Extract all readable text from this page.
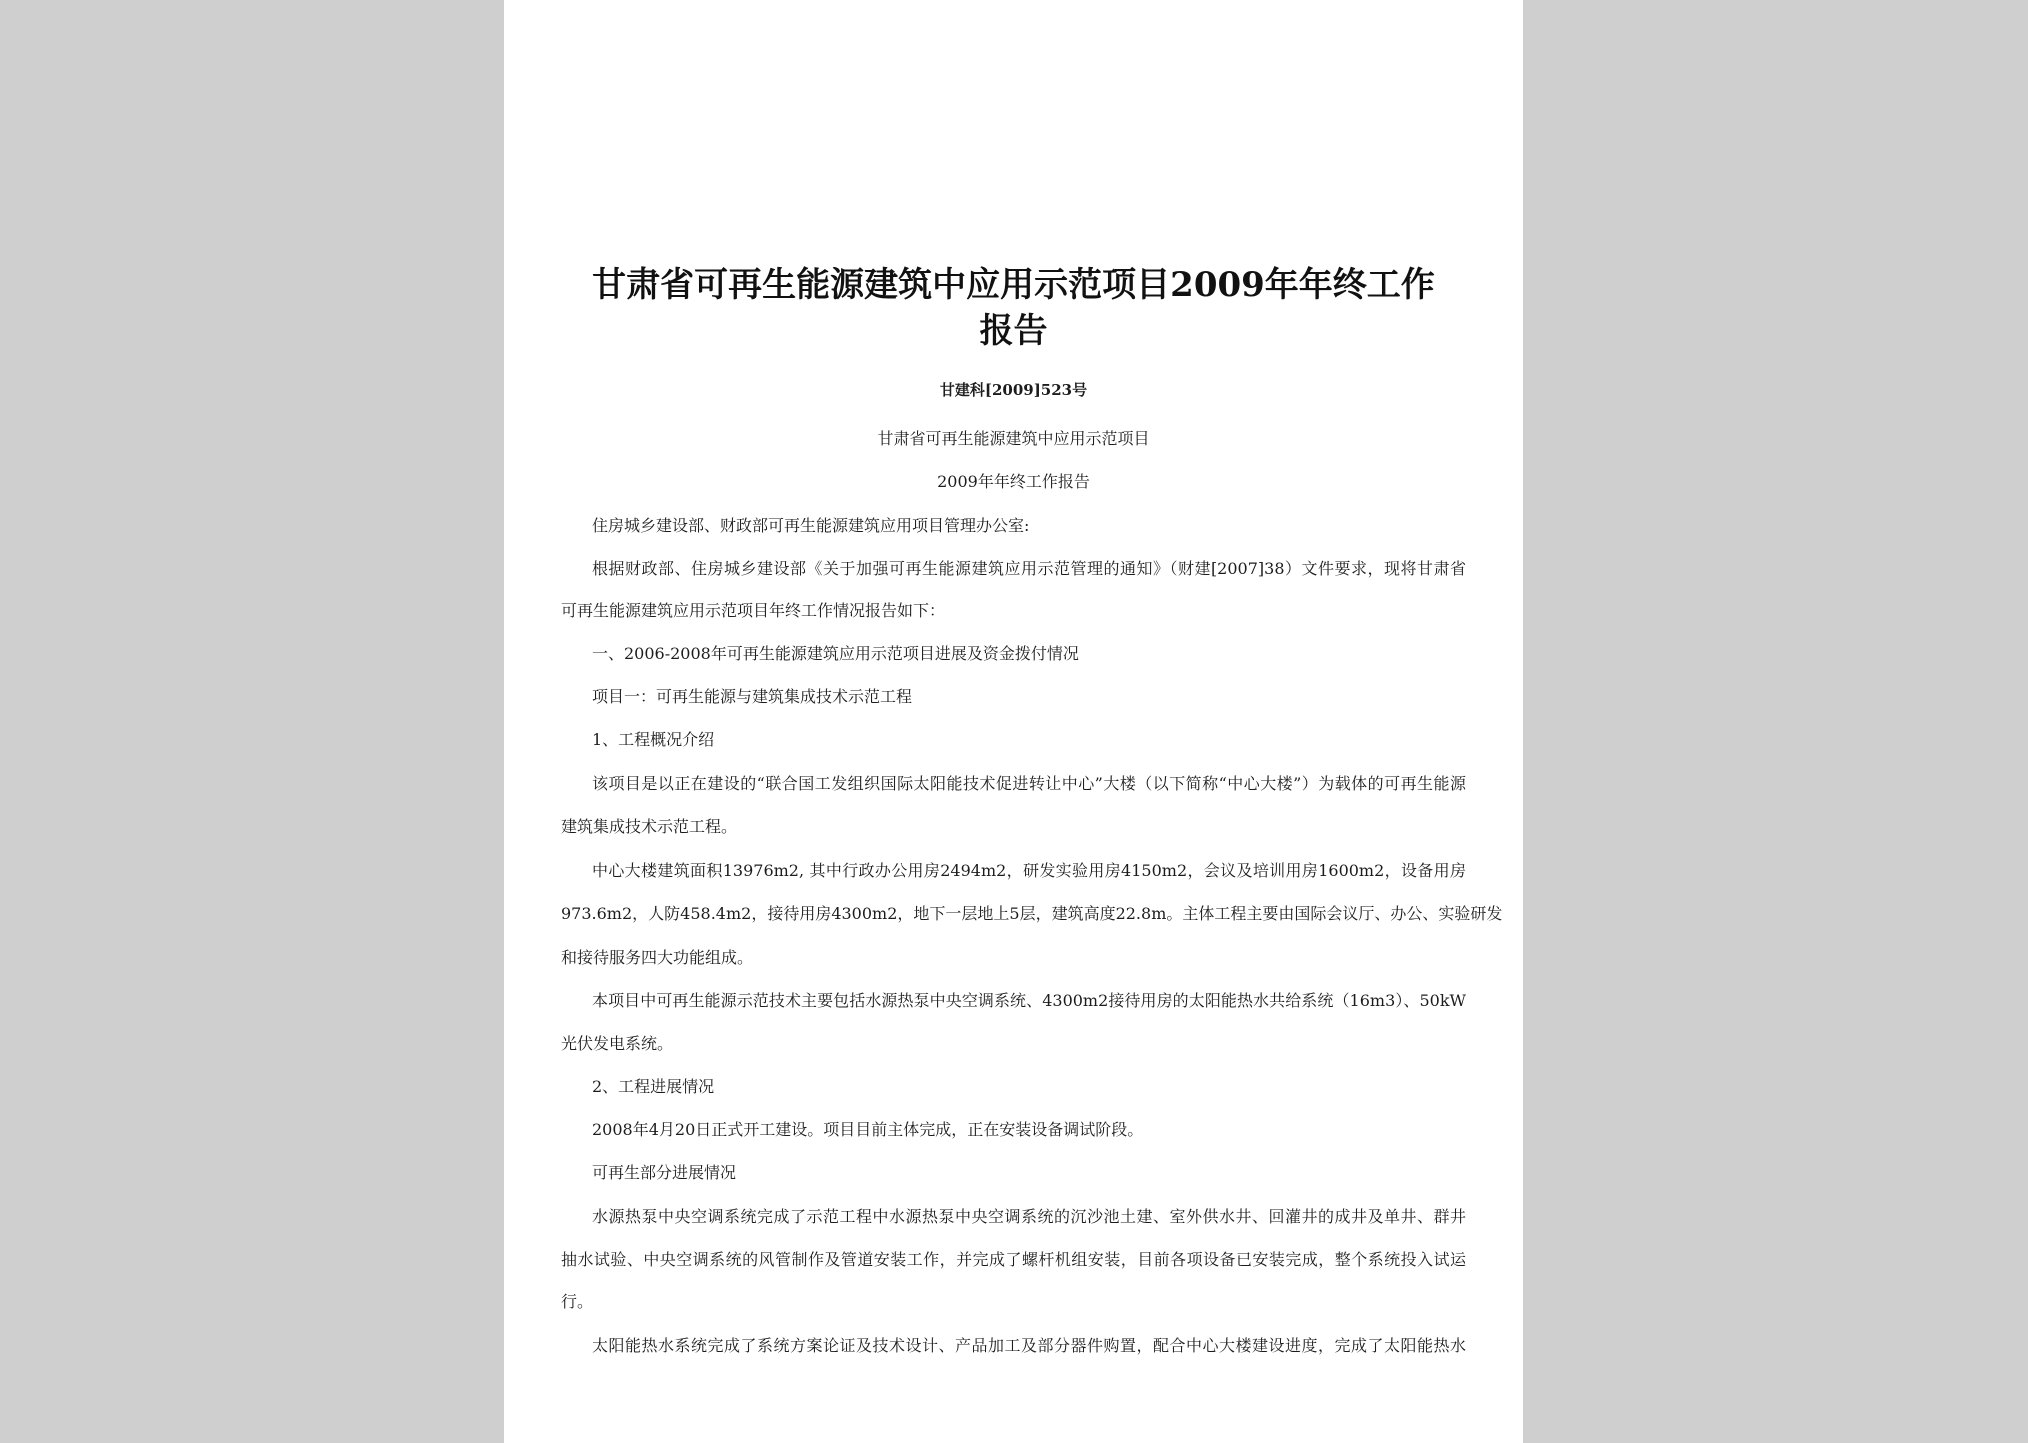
甘肃省可再生能源建筑中应用示范项目2009年年终工作
报告
甘建科[2009]523号
甘肃省可再生能源建筑中应用示范项目
2009年年终工作报告
住房城乡建设部、财政部可再生能源建筑应用项目管理办公室:
根据财政部、住房城乡建设部《关于加强可再生能源建筑应用示范管理的通知》（财建[2007]38）文件要求，现将甘肃省
可再生能源建筑应用示范项目年终工作情况报告如下：
一、2006-2008年可再生能源建筑应用示范项目进展及资金拨付情况
项目一：可再生能源与建筑集成技术示范工程
1、工程概况介绍
该项目是以正在建设的“联合国工发组织国际太阳能技术促进转让中心”大楼（以下简称“中心大楼”）为载体的可再生能源
建筑集成技术示范工程。
中心大楼建筑面积13976m2, 其中行政办公用房2494m2，研发实验用房4150m2，会议及培训用房1600m2，设备用房
973.6m2，人防458.4m2，接待用房4300m2，地下一层地上5层，建筑高度22.8m。主体工程主要由国际会议厅、办公、实验研发
和接待服务四大功能组成。
本项目中可再生能源示范技术主要包括水源热泵中央空调系统、4300m2接待用房的太阳能热水共给系统（16m3）、50kW
光伏发电系统。
2、工程进展情况
2008年4月20日正式开工建设。项目目前主体完成，正在安装设备调试阶段。
可再生部分进展情况
水源热泵中央空调系统完成了示范工程中水源热泵中央空调系统的沉沙池土建、室外供水井、回灌井的成井及单井、群井
抽水试验、中央空调系统的风管制作及管道安装工作，并完成了螺杆机组安装，目前各项设备已安装完成，整个系统投入试运
行。
太阳能热水系统完成了系统方案论证及技术设计、产品加工及部分器件购置，配合中心大楼建设进度，完成了太阳能热水
